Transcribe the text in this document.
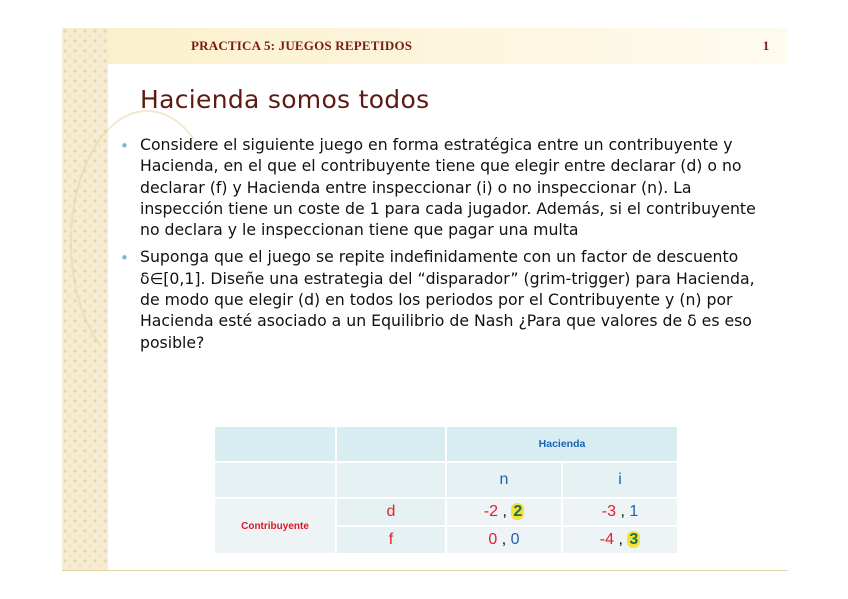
PRACTICA 5: JUEGOS REPETIDOS	1
Hacienda somos todos
• Considere el siguiente juego en forma estratégica entre un contribuyente y Hacienda, en el que el contribuyente tiene que elegir entre declarar (d) o no declarar (f) y Hacienda entre inspeccionar (i) o no inspeccionar (n). La inspección tiene un coste de 1 para cada jugador. Además, si el contribuyente no declara y le inspeccionan tiene que pagar una multa
• Suponga que el juego se repite indefinidamente con un factor de descuento δ∈[0,1]. Diseñe una estrategia del “disparador” (grim-trigger) para Hacienda, de modo que elegir (d) en todos los periodos por el Contribuyente y (n) por Hacienda esté asociado a un Equilibrio de Nash ¿Para que valores de δ es eso posible?
		Hacienda	
		n	i
Contribuyente	d	-2 , 2	-3 , 1
	f	0 , 0	-4 , 3
